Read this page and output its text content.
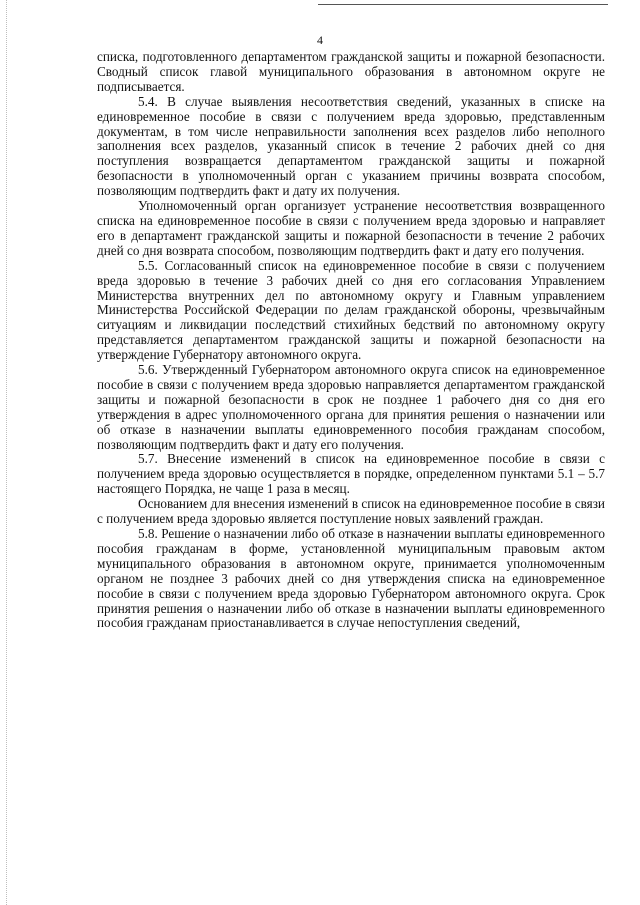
4

списка, подготовленного департаментом гражданской защиты и пожарной безопасности. Сводный список главой муниципального образования в автономном округе не подписывается.

5.4. В случае выявления несоответствия сведений, указанных в списке на единовременное пособие в связи с получением вреда здоровью, представленным документам, в том числе неправильности заполнения всех разделов либо неполного заполнения всех разделов, указанный список в течение 2 рабочих дней со дня поступления возвращается департаментом гражданской защиты и пожарной безопасности в уполномоченный орган с указанием причины возврата способом, позволяющим подтвердить факт и дату их получения.

Уполномоченный орган организует устранение несоответствия возвращенного списка на единовременное пособие в связи с получением вреда здоровью и направляет его в департамент гражданской защиты и пожарной безопасности в течение 2 рабочих дней со дня возврата способом, позволяющим подтвердить факт и дату его получения.

5.5. Согласованный список на единовременное пособие в связи с получением вреда здоровью в течение 3 рабочих дней со дня его согласования Управлением Министерства внутренних дел по автономному округу и Главным управлением Министерства Российской Федерации по делам гражданской обороны, чрезвычайным ситуациям и ликвидации последствий стихийных бедствий по автономному округу представляется департаментом гражданской защиты и пожарной безопасности на утверждение Губернатору автономного округа.

5.6. Утвержденный Губернатором автономного округа список на единовременное пособие в связи с получением вреда здоровью направляется департаментом гражданской защиты и пожарной безопасности в срок не позднее 1 рабочего дня со дня его утверждения в адрес уполномоченного органа для принятия решения о назначении или об отказе в назначении выплаты единовременного пособия гражданам способом, позволяющим подтвердить факт и дату его получения.

5.7. Внесение изменений в список на единовременное пособие в связи с получением вреда здоровью осуществляется в порядке, определенном пунктами 5.1 – 5.7 настоящего Порядка, не чаще 1 раза в месяц.

Основанием для внесения изменений в список на единовременное пособие в связи с получением вреда здоровью является поступление новых заявлений граждан.

5.8. Решение о назначении либо об отказе в назначении выплаты единовременного пособия гражданам в форме, установленной муниципальным правовым актом муниципального образования в автономном округе, принимается уполномоченным органом не позднее 3 рабочих дней со дня утверждения списка на единовременное пособие в связи с получением вреда здоровью Губернатором автономного округа. Срок принятия решения о назначении либо об отказе в назначении выплаты единовременного пособия гражданам приостанавливается в случае непоступления сведений,
